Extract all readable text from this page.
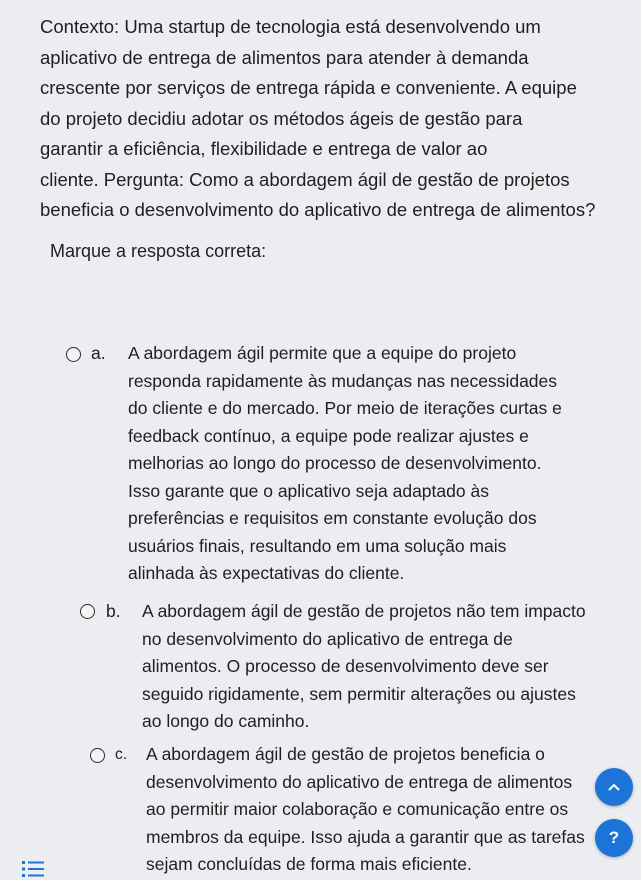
Contexto: Uma startup de tecnologia está desenvolvendo um
aplicativo de entrega de alimentos para atender à demanda
crescente por serviços de entrega rápida e conveniente. A equipe
do projeto decidiu adotar os métodos ágeis de gestão para
garantir a eficiência, flexibilidade e entrega de valor ao
cliente. Pergunta: Como a abordagem ágil de gestão de projetos
beneficia o desenvolvimento do aplicativo de entrega de alimentos?
Marque a resposta correta:
a. A abordagem ágil permite que a equipe do projeto
responda rapidamente às mudanças nas necessidades
do cliente e do mercado. Por meio de iterações curtas e
feedback contínuo, a equipe pode realizar ajustes e
melhorias ao longo do processo de desenvolvimento.
Isso garante que o aplicativo seja adaptado às
preferências e requisitos em constante evolução dos
usuários finais, resultando em uma solução mais
alinhada às expectativas do cliente.
b. A abordagem ágil de gestão de projetos não tem impacto
no desenvolvimento do aplicativo de entrega de
alimentos. O processo de desenvolvimento deve ser
seguido rigidamente, sem permitir alterações ou ajustes
ao longo do caminho.
c. A abordagem ágil de gestão de projetos beneficia o
desenvolvimento do aplicativo de entrega de alimentos
ao permitir maior colaboração e comunicação entre os
membros da equipe. Isso ajuda a garantir que as tarefas
sejam concluídas de forma mais eficiente.
?
